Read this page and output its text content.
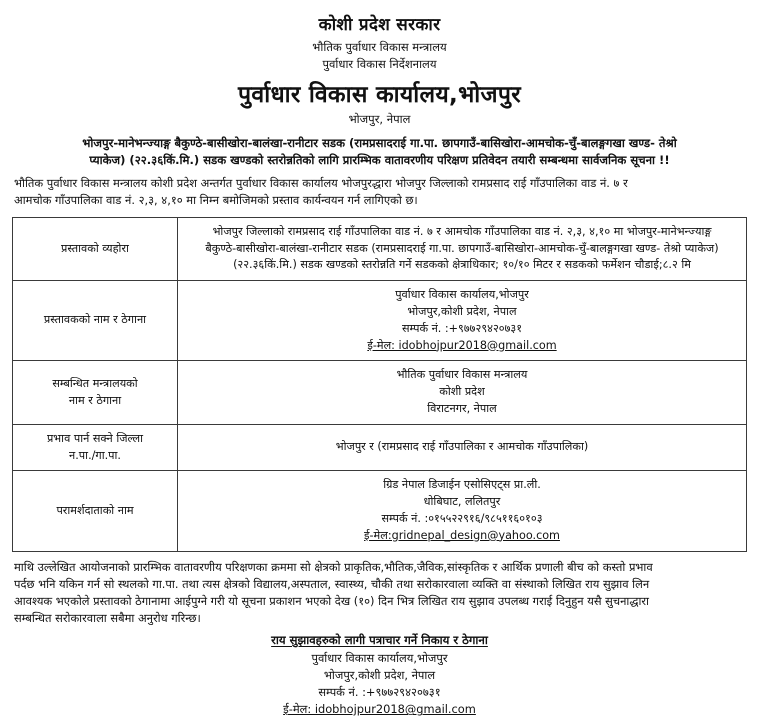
कोशी प्रदेश सरकार
भौतिक पुर्वाधार विकास मन्त्रालय
पुर्वाधार विकास निर्देशनालय
पुर्वाधार विकास कार्यालय,भोजपुर
भोजपुर, नेपाल
भोजपुर-मानेभन्ज्याङ्ग बैकुण्ठे-बासीखोरा-बालंखा-रानीटार सडक (रामप्रसादराई गा.पा. छापगाउँ-बासिखोरा-आमचोक-चुँ-बालङ्गगखा खण्ड- तेश्रो
प्याकेज) (२२.३६किं.मि.) सडक खण्डको स्तरोन्नतिको लागि प्रारम्भिक वातावरणीय परिक्षण प्रतिवेदन तयारी सम्बन्धमा सार्वजनिक सूचना !!
भौतिक पुर्वाधार विकास मन्त्रालय कोशी प्रदेश अन्तर्गत पुर्वाधार विकास कार्यालय भोजपुरद्धारा भोजपुर जिल्लाको रामप्रसाद राई गाँउपालिका वाड नं. ७ र
आमचोक गाँउपालिका वाड नं. २,३, ४,१० मा निम्न बमोजिमको प्रस्ताव कार्यन्वयन गर्न लागिएको छ।
प्रस्तावको व्यहोरा	भोजपुर जिल्लाको रामप्रसाद राई गाँउपालिका वाड नं. ७ र आमचोक गाँउपालिका वाड नं. २,३, ४,१० मा भोजपुर-मानेभन्ज्याङ्ग
बैकुण्ठे-बासीखोरा-बालंखा-रानीटार सडक (रामप्रसादराई गा.पा. छापगाउँ-बासिखोरा-आमचोक-चुँ-बालङ्गगखा खण्ड- तेश्रो प्याकेज)
(२२.३६किं.मि.) सडक खण्डको स्तरोन्नति गर्ने सडकको क्षेत्राधिकार; १०/१० मिटर र सडकको फर्मेशन चौडाई;८.२ मि

प्रस्तावकको नाम र ठेगाना	पुर्वाधार विकास कार्यालय,भोजपुर
भोजपुर,कोशी प्रदेश, नेपाल
सम्पर्क नं. :+९७७२९४२०७३१
ई-मेल: idobhojpur2018@gmail.com

सम्बन्धित मन्त्रालयको
नाम र ठेगाना	भौतिक पुर्वाधार विकास मन्त्रालय
कोशी प्रदेश
विराटनगर, नेपाल

प्रभाव पार्न सक्ने जिल्ला
न.पा./गा.पा.	भोजपुर र (रामप्रसाद राई गाँउपालिका र आमचोक गाँउपालिका)

परामर्शदाताको नाम	ग्रिड नेपाल डिजाईन एसोसिएट्स प्रा.ली.
धोबिघाट, ललितपुर
सम्पर्क नं. :०१५५२२९१६/९८५११६०१०३
ई-मेल:gridnepal_design@yahoo.com
माथि उल्लेखित आयोजनाको प्रारम्भिक वातावरणीय परिक्षणका क्रममा सो क्षेत्रको प्राकृतिक,भौतिक,जैविक,सांस्कृतिक र आर्थिक प्रणाली बीच को कस्तो प्रभाव
पर्दछ भनि यकिन गर्न सो स्थलको गा.पा. तथा त्यस क्षेत्रको विद्यालय,अस्पताल, स्वास्थ्य, चौकी तथा सरोकारवाला व्यक्ति वा संस्थाको लिखित राय सुझाव लिन
आवश्यक भएकोले प्रस्तावको ठेगानामा आईपुग्ने गरी यो सूचना प्रकाशन भएको देख (१०) दिन भित्र लिखित राय सुझाव उपलब्ध गराई दिनुहुन यसै सुचनाद्धारा
सम्बन्धित सरोकारवाला सबैमा अनुरोध गरिन्छ।
राय सुझावहरुको लागी पत्राचार गर्ने निकाय र ठेगाना
पुर्वाधार विकास कार्यालय,भोजपुर
भोजपुर,कोशी प्रदेश, नेपाल
सम्पर्क नं. :+९७७२९४२०७३१
ई-मेल: idobhojpur2018@gmail.com
